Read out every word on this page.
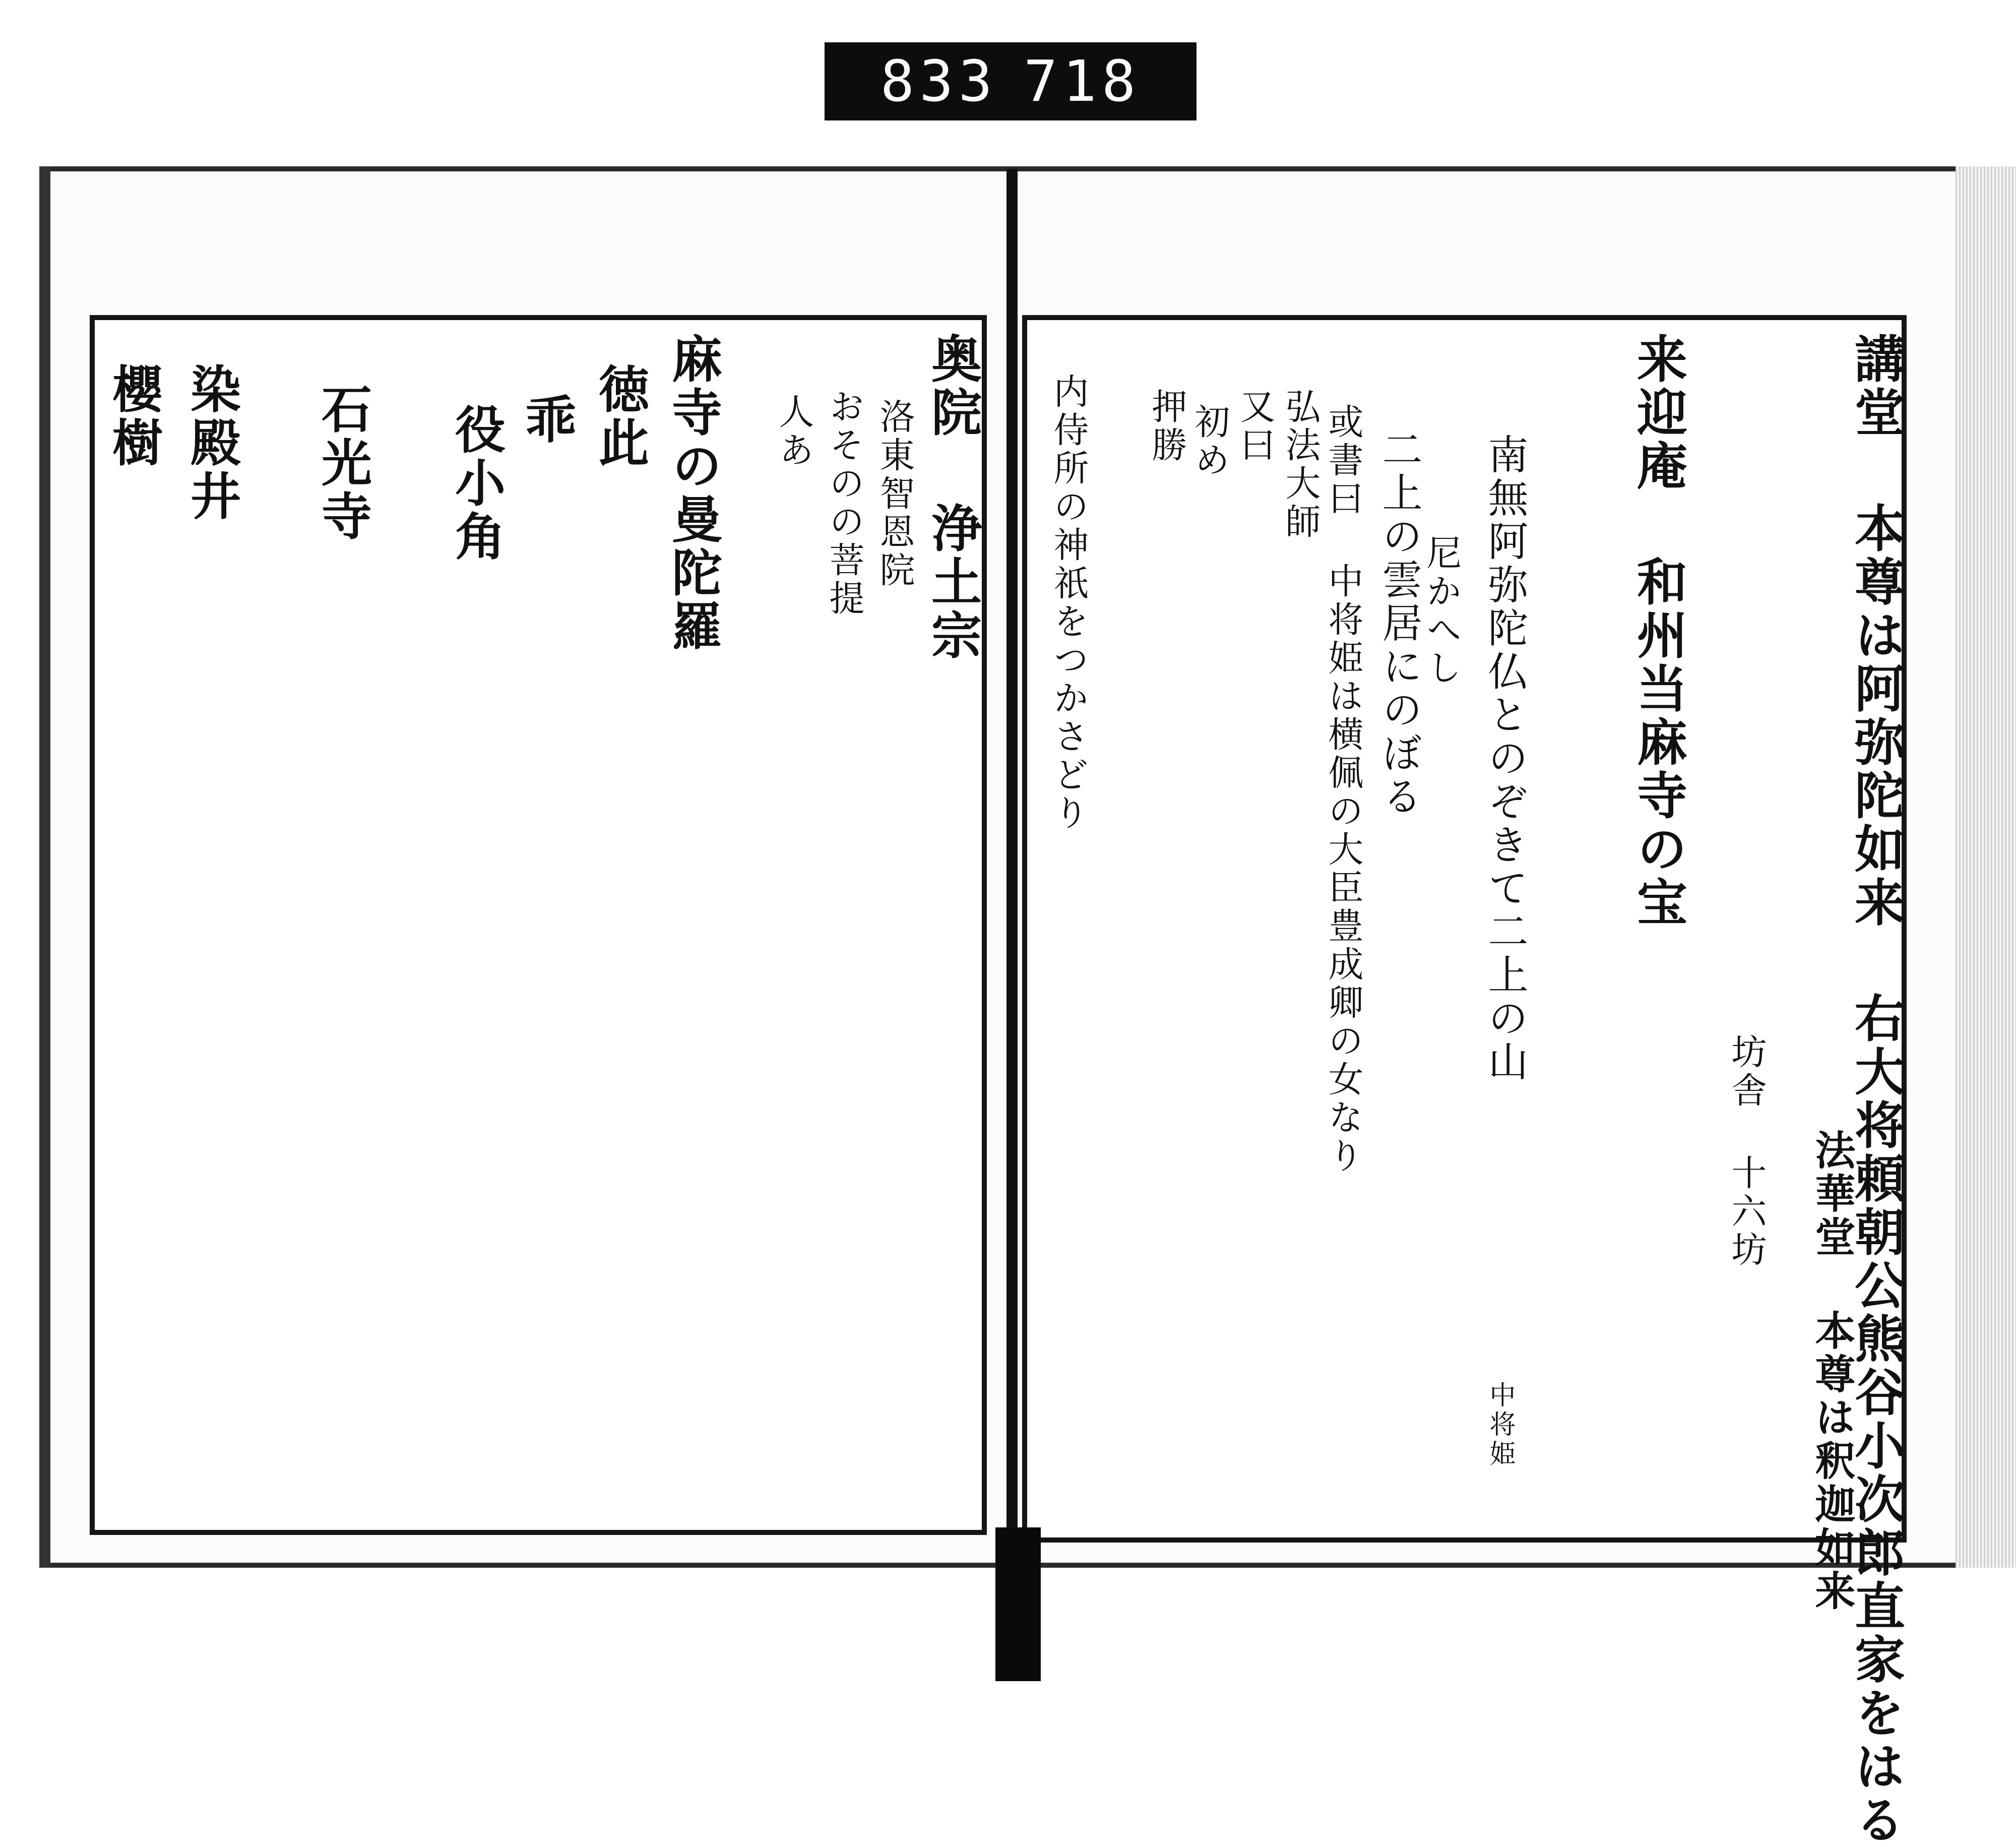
833 718
講堂 本尊は阿弥陀如来 右大将頼朝公熊谷小次郎直家をはる
法華堂 本尊は釈迦如来
坊舎 十六坊
来迎庵 和州当麻寺の宝
中将姫
南無阿弥陀仏とのぞきて二上の山
尼かへし
二上の雲居にのぼる
或書曰 中将姫は横佩の大臣豊成卿の女なり
弘法大師
又曰
初め
押勝
内侍所の神祇をつかさどり
奥院 浄土宗
洛東智恩院
おそのの菩提
人あ
麻寺の曼陀羅
徳此
乖
役小角
石光寺
染殿井
櫻樹
